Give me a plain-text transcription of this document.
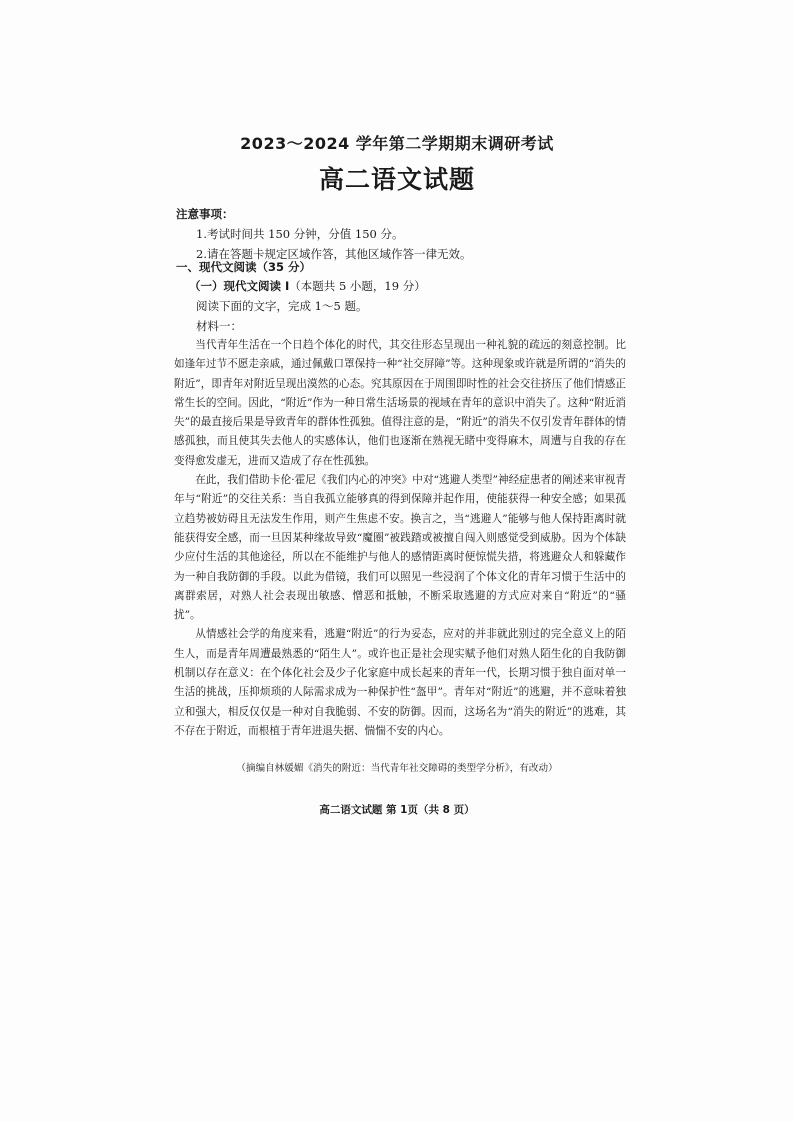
2023～2024 学年第二学期期末调研考试
高二语文试题
注意事项：
1.考试时间共 150 分钟，分值 150 分。
2.请在答题卡规定区域作答，其他区域作答一律无效。
一、现代文阅读（35 分）
（一）现代文阅读 Ⅰ（本题共 5 小题，19 分）
阅读下面的文字，完成 1～5 题。
材料一：

当代青年生活在一个日趋个体化的时代，其交往形态呈现出一种礼貌的疏远的刻意控制。比如逢年过节不愿走亲戚，通过佩戴口罩保持一种“社交屏障”等。这种现象或许就是所谓的“消失的附近”，即青年对附近呈现出漠然的心态。究其原因在于周围即时性的社会交往挤压了他们情感正常生长的空间。因此，“附近”作为一种日常生活场景的视域在青年的意识中消失了。这种“附近消失”的最直接后果是导致青年的群体性孤独。值得注意的是，“附近”的消失不仅引发青年群体的情感孤独，而且使其失去他人的实感体认，他们也逐渐在熟视无睹中变得麻木，周遭与自我的存在变得愈发虚无，进而又造成了存在性孤独。

在此，我们借助卡伦·霍尼《我们内心的冲突》中对“逃避人类型”神经症患者的阐述来审视青年与“附近”的交往关系：当自我孤立能够真的得到保障并起作用，使能获得一种安全感；如果孤立趋势被妨碍且无法发生作用，则产生焦虑不安。换言之，当“逃避人”能够与他人保持距离时就能获得安全感，而一旦因某种缘故导致“魔圈”被践踏或被擅自闯入则感觉受到威胁。因为个体缺少应付生活的其他途径，所以在不能维护与他人的感情距离时便惊慌失措，将逃避众人和躲藏作为一种自我防御的手段。以此为借镜，我们可以照见一些浸润了个体文化的青年习惯于生活中的离群索居，对熟人社会表现出敏感、憎恶和抵触，不断采取逃避的方式应对来自“附近”的“骚扰”。

从情感社会学的角度来看，逃避“附近”的行为妥态，应对的并非就此别过的完全意义上的陌生人，而是青年周遭最熟悉的“陌生人”。或许也正是社会现实赋予他们对熟人陌生化的自我防御机制以存在意义：在个体化社会及少子化家庭中成长起来的青年一代，长期习惯于独自面对单一生活的挑战，压抑烦琐的人际需求成为一种保护性“盔甲”。青年对“附近”的逃避，并不意味着独立和强大，相反仅仅是一种对自我脆弱、不安的防御。因而，这场名为“消失的附近”的逃难，其不存在于附近，而根植于青年进退失据、惴惴不安的内心。

（摘编自林媛媚《消失的附近：当代青年社交障碍的类型学分析》，有改动）
高二语文试题 第 1页（共 8 页）
